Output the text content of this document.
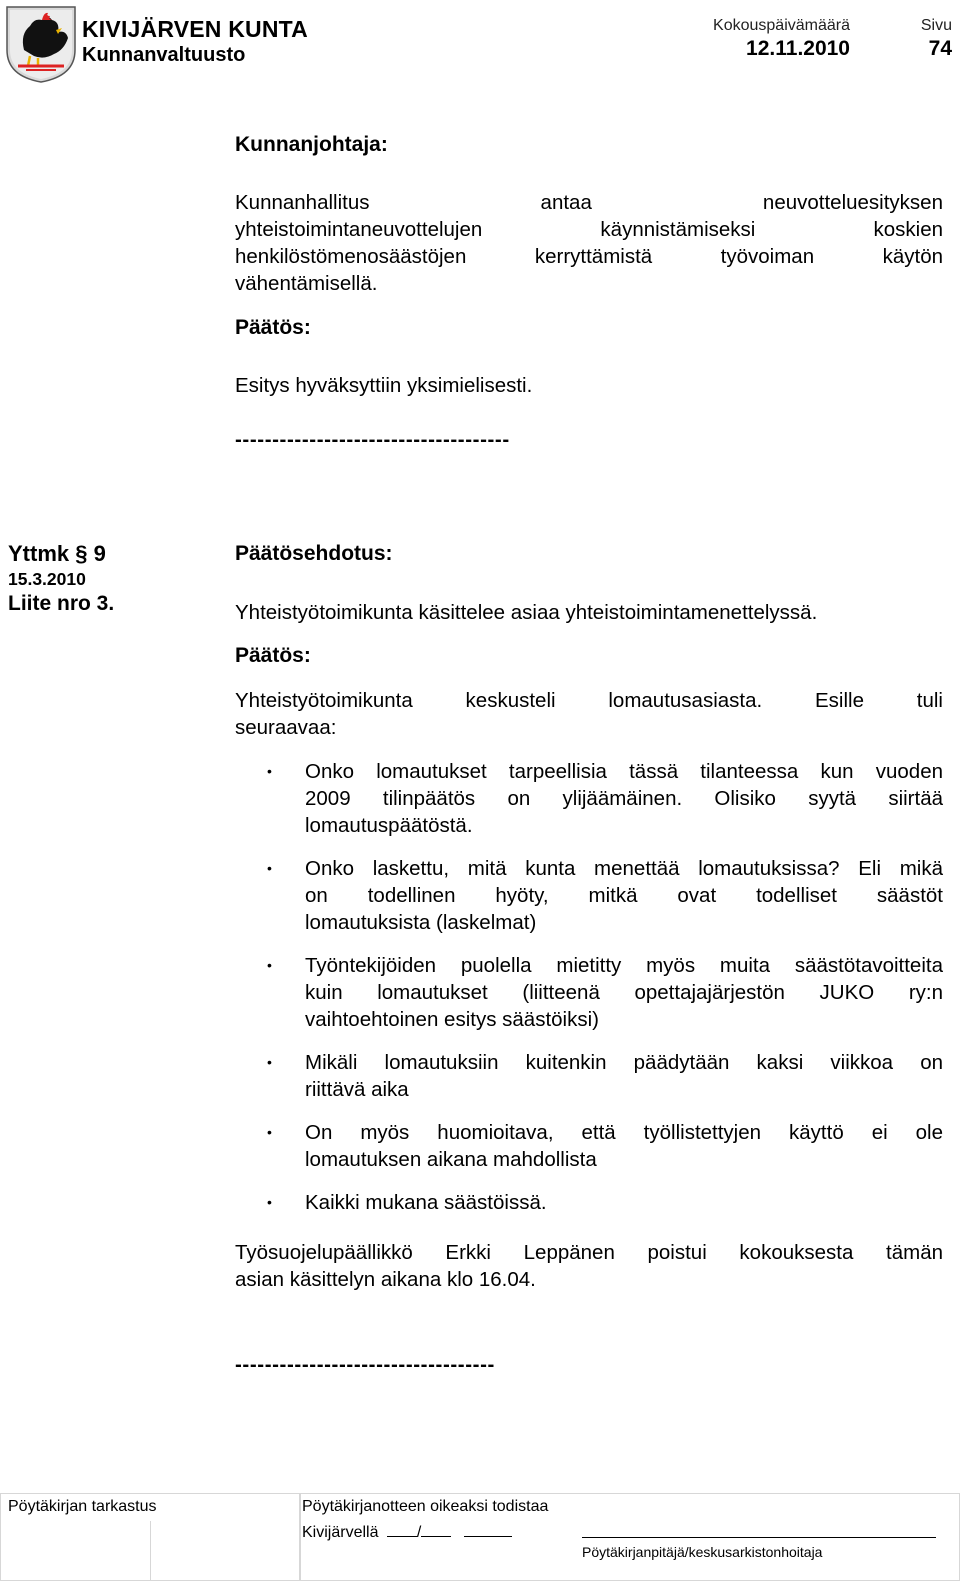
KIVIJÄRVEN KUNTA
Kunnanvaltuusto
Kokouspäivämäärä
12.11.2010
Sivu
74
Kunnanjohtaja:
Kunnanhallitus antaa neuvotteluesityksen
yhteistoimintaneuvottelujen käynnistämiseksi koskien
henkilöstömenosäästöjen kerryttämistä työvoiman käytön
vähentämisellä.
Päätös:
Esitys hyväksyttiin yksimielisesti.
-------------------------------------
Yttmk § 9
15.3.2010
Liite nro 3.
Päätösehdotus:
Yhteistyötoimikunta käsittelee asiaa yhteistoimintamenettelyssä.
Päätös:
Yhteistyötoimikunta keskusteli lomautusasiasta. Esille tuli
seuraavaa:
• Onko lomautukset tarpeellisia tässä tilanteessa kun vuoden
2009 tilinpäätös on ylijäämäinen. Olisiko syytä siirtää
lomautuspäätöstä.
• Onko laskettu, mitä kunta menettää lomautuksissa? Eli mikä
on todellinen hyöty, mitkä ovat todelliset säästöt
lomautuksista (laskelmat)
• Työntekijöiden puolella mietitty myös muita säästötavoitteita
kuin lomautukset (liitteenä opettajajärjestön JUKO ry:n
vaihtoehtoinen esitys säästöiksi)
• Mikäli lomautuksiin kuitenkin päädytään kaksi viikkoa on
riittävä aika
• On myös huomioitava, että työllistettyjen käyttö ei ole
lomautuksen aikana mahdollista
• Kaikki mukana säästöissä.
Työsuojelupäällikkö Erkki Leppänen poistui kokouksesta tämän
asian käsittelyn aikana klo 16.04.
-----------------------------------
Pöytäkirjan tarkastus	Pöytäkirjanotteen oikeaksi todistaa
Kivijärvellä /
Pöytäkirjanpitäjä/keskusarkistonhoitaja
